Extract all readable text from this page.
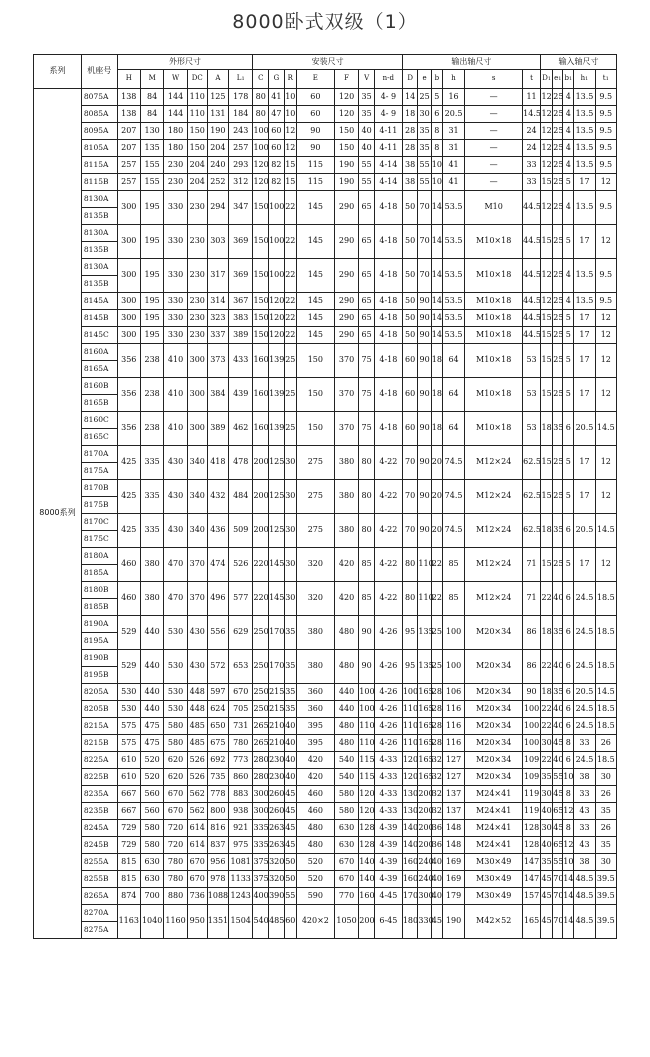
8000卧式双级（1）
系列	机座号	外形尺寸						安装尺寸							输出轴尺寸						输入轴尺寸				
		H	M	W	DC	A	L1	C	G	R	E	F	V	n-d	D	e	b	h	s	t	D1	e1	b1	h1	t1
8000系列	8075A	138	84	144	110	125	178	80	41	10	60	120	35	4- 9	14	25	5	16	—	11	12	25	4	13.5	9.5
	8085A	138	84	144	110	131	184	80	47	10	60	120	35	4- 9	18	30	6	20.5	—	14.5	12	25	4	13.5	9.5
	8095A	207	130	180	150	190	243	100	60	12	90	150	40	4-11	28	35	8	31	—	24	12	25	4	13.5	9.5
	8105A	207	135	180	150	204	257	100	60	12	90	150	40	4-11	28	35	8	31	—	24	12	25	4	13.5	9.5
	8115A	257	155	230	204	240	293	120	82	15	115	190	55	4-14	38	55	10	41	—	33	12	25	4	13.5	9.5
	8115B	257	155	230	204	252	312	120	82	15	115	190	55	4-14	38	55	10	41	—	33	15	25	5	17	12
	8130A	300	195	330	230	294	347	150	100	22	145	290	65	4-18	50	70	14	53.5	M10	44.5	12	25	4	13.5	9.5
	8135B																								
	8130A	300	195	330	230	303	369	150	100	22	145	290	65	4-18	50	70	14	53.5	M10×18	44.5	15	25	5	17	12
	8135B																								
	8130A	300	195	330	230	317	369	150	100	22	145	290	65	4-18	50	70	14	53.5	M10×18	44.5	12	25	4	13.5	9.5
	8135B																								
	8145A	300	195	330	230	314	367	150	120	22	145	290	65	4-18	50	90	14	53.5	M10×18	44.5	12	25	4	13.5	9.5
	8145B	300	195	330	230	323	383	150	120	22	145	290	65	4-18	50	90	14	53.5	M10×18	44.5	15	25	5	17	12
	8145C	300	195	330	230	337	389	150	120	22	145	290	65	4-18	50	90	14	53.5	M10×18	44.5	15	25	5	17	12
	8160A	356	238	410	300	373	433	160	139	25	150	370	75	4-18	60	90	18	64	M10×18	53	15	25	5	17	12
	8165A																								
	8160B	356	238	410	300	384	439	160	139	25	150	370	75	4-18	60	90	18	64	M10×18	53	15	25	5	17	12
	8165B																								
	8160C	356	238	410	300	389	462	160	139	25	150	370	75	4-18	60	90	18	64	M10×18	53	18	35	6	20.5	14.5
	8165C																								
	8170A	425	335	430	340	418	478	200	125	30	275	380	80	4-22	70	90	20	74.5	M12×24	62.5	15	25	5	17	12
	8175A																								
	8170B	425	335	430	340	432	484	200	125	30	275	380	80	4-22	70	90	20	74.5	M12×24	62.5	15	25	5	17	12
	8175B																								
	8170C	425	335	430	340	436	509	200	125	30	275	380	80	4-22	70	90	20	74.5	M12×24	62.5	18	35	6	20.5	14.5
	8175C																								
	8180A	460	380	470	370	474	526	220	145	30	320	420	85	4-22	80	110	22	85	M12×24	71	15	25	5	17	12
	8185A																								
	8180B	460	380	470	370	496	577	220	145	30	320	420	85	4-22	80	110	22	85	M12×24	71	22	40	6	24.5	18.5
	8185B																								
	8190A	529	440	530	430	556	629	250	170	35	380	480	90	4-26	95	135	25	100	M20×34	86	18	35	6	24.5	18.5
	8195A																								
	8190B	529	440	530	430	572	653	250	170	35	380	480	90	4-26	95	135	25	100	M20×34	86	22	40	6	24.5	18.5
	8195B																								
	8205A	530	440	530	448	597	670	250	215	35	360	440	100	4-26	100	165	28	106	M20×34	90	18	35	6	20.5	14.5
	8205B	530	440	530	448	624	705	250	215	35	360	440	100	4-26	110	165	28	116	M20×34	100	22	40	6	24.5	18.5
	8215A	575	475	580	485	650	731	265	210	40	395	480	110	4-26	110	165	28	116	M20×34	100	22	40	6	24.5	18.5
	8215B	575	475	580	485	675	780	265	210	40	395	480	110	4-26	110	165	28	116	M20×34	100	30	45	8	33	26
	8225A	610	520	620	526	692	773	280	230	40	420	540	115	4-33	120	165	32	127	M20×34	109	22	40	6	24.5	18.5
	8225B	610	520	620	526	735	860	280	230	40	420	540	115	4-33	120	165	32	127	M20×34	109	35	55	10	38	30
	8235A	667	560	670	562	778	883	300	260	45	460	580	120	4-33	130	200	32	137	M24×41	119	30	45	8	33	26
	8235B	667	560	670	562	800	938	300	260	45	460	580	120	4-33	130	200	32	137	M24×41	119	40	65	12	43	35
	8245A	729	580	720	614	816	921	335	263	45	480	630	128	4-39	140	200	36	148	M24×41	128	30	45	8	33	26
	8245B	729	580	720	614	837	975	335	263	45	480	630	128	4-39	140	200	36	148	M24×41	128	40	65	12	43	35
	8255A	815	630	780	670	956	1081	375	320	50	520	670	140	4-39	160	240	40	169	M30×49	147	35	55	10	38	30
	8255B	815	630	780	670	978	1133	375	320	50	520	670	140	4-39	160	240	40	169	M30×49	147	45	70	14	48.5	39.5
	8265A	874	700	880	736	1088	1243	400	390	55	590	770	160	4-45	170	300	40	179	M30×49	157	45	70	14	48.5	39.5
	8270A	1163	1040	1160	950	1351	1504	540	485	60	420×2	1050	200	6-45	180	330	45	190	M42×52	165	45	70	14	48.5	39.5
	8275A																								
